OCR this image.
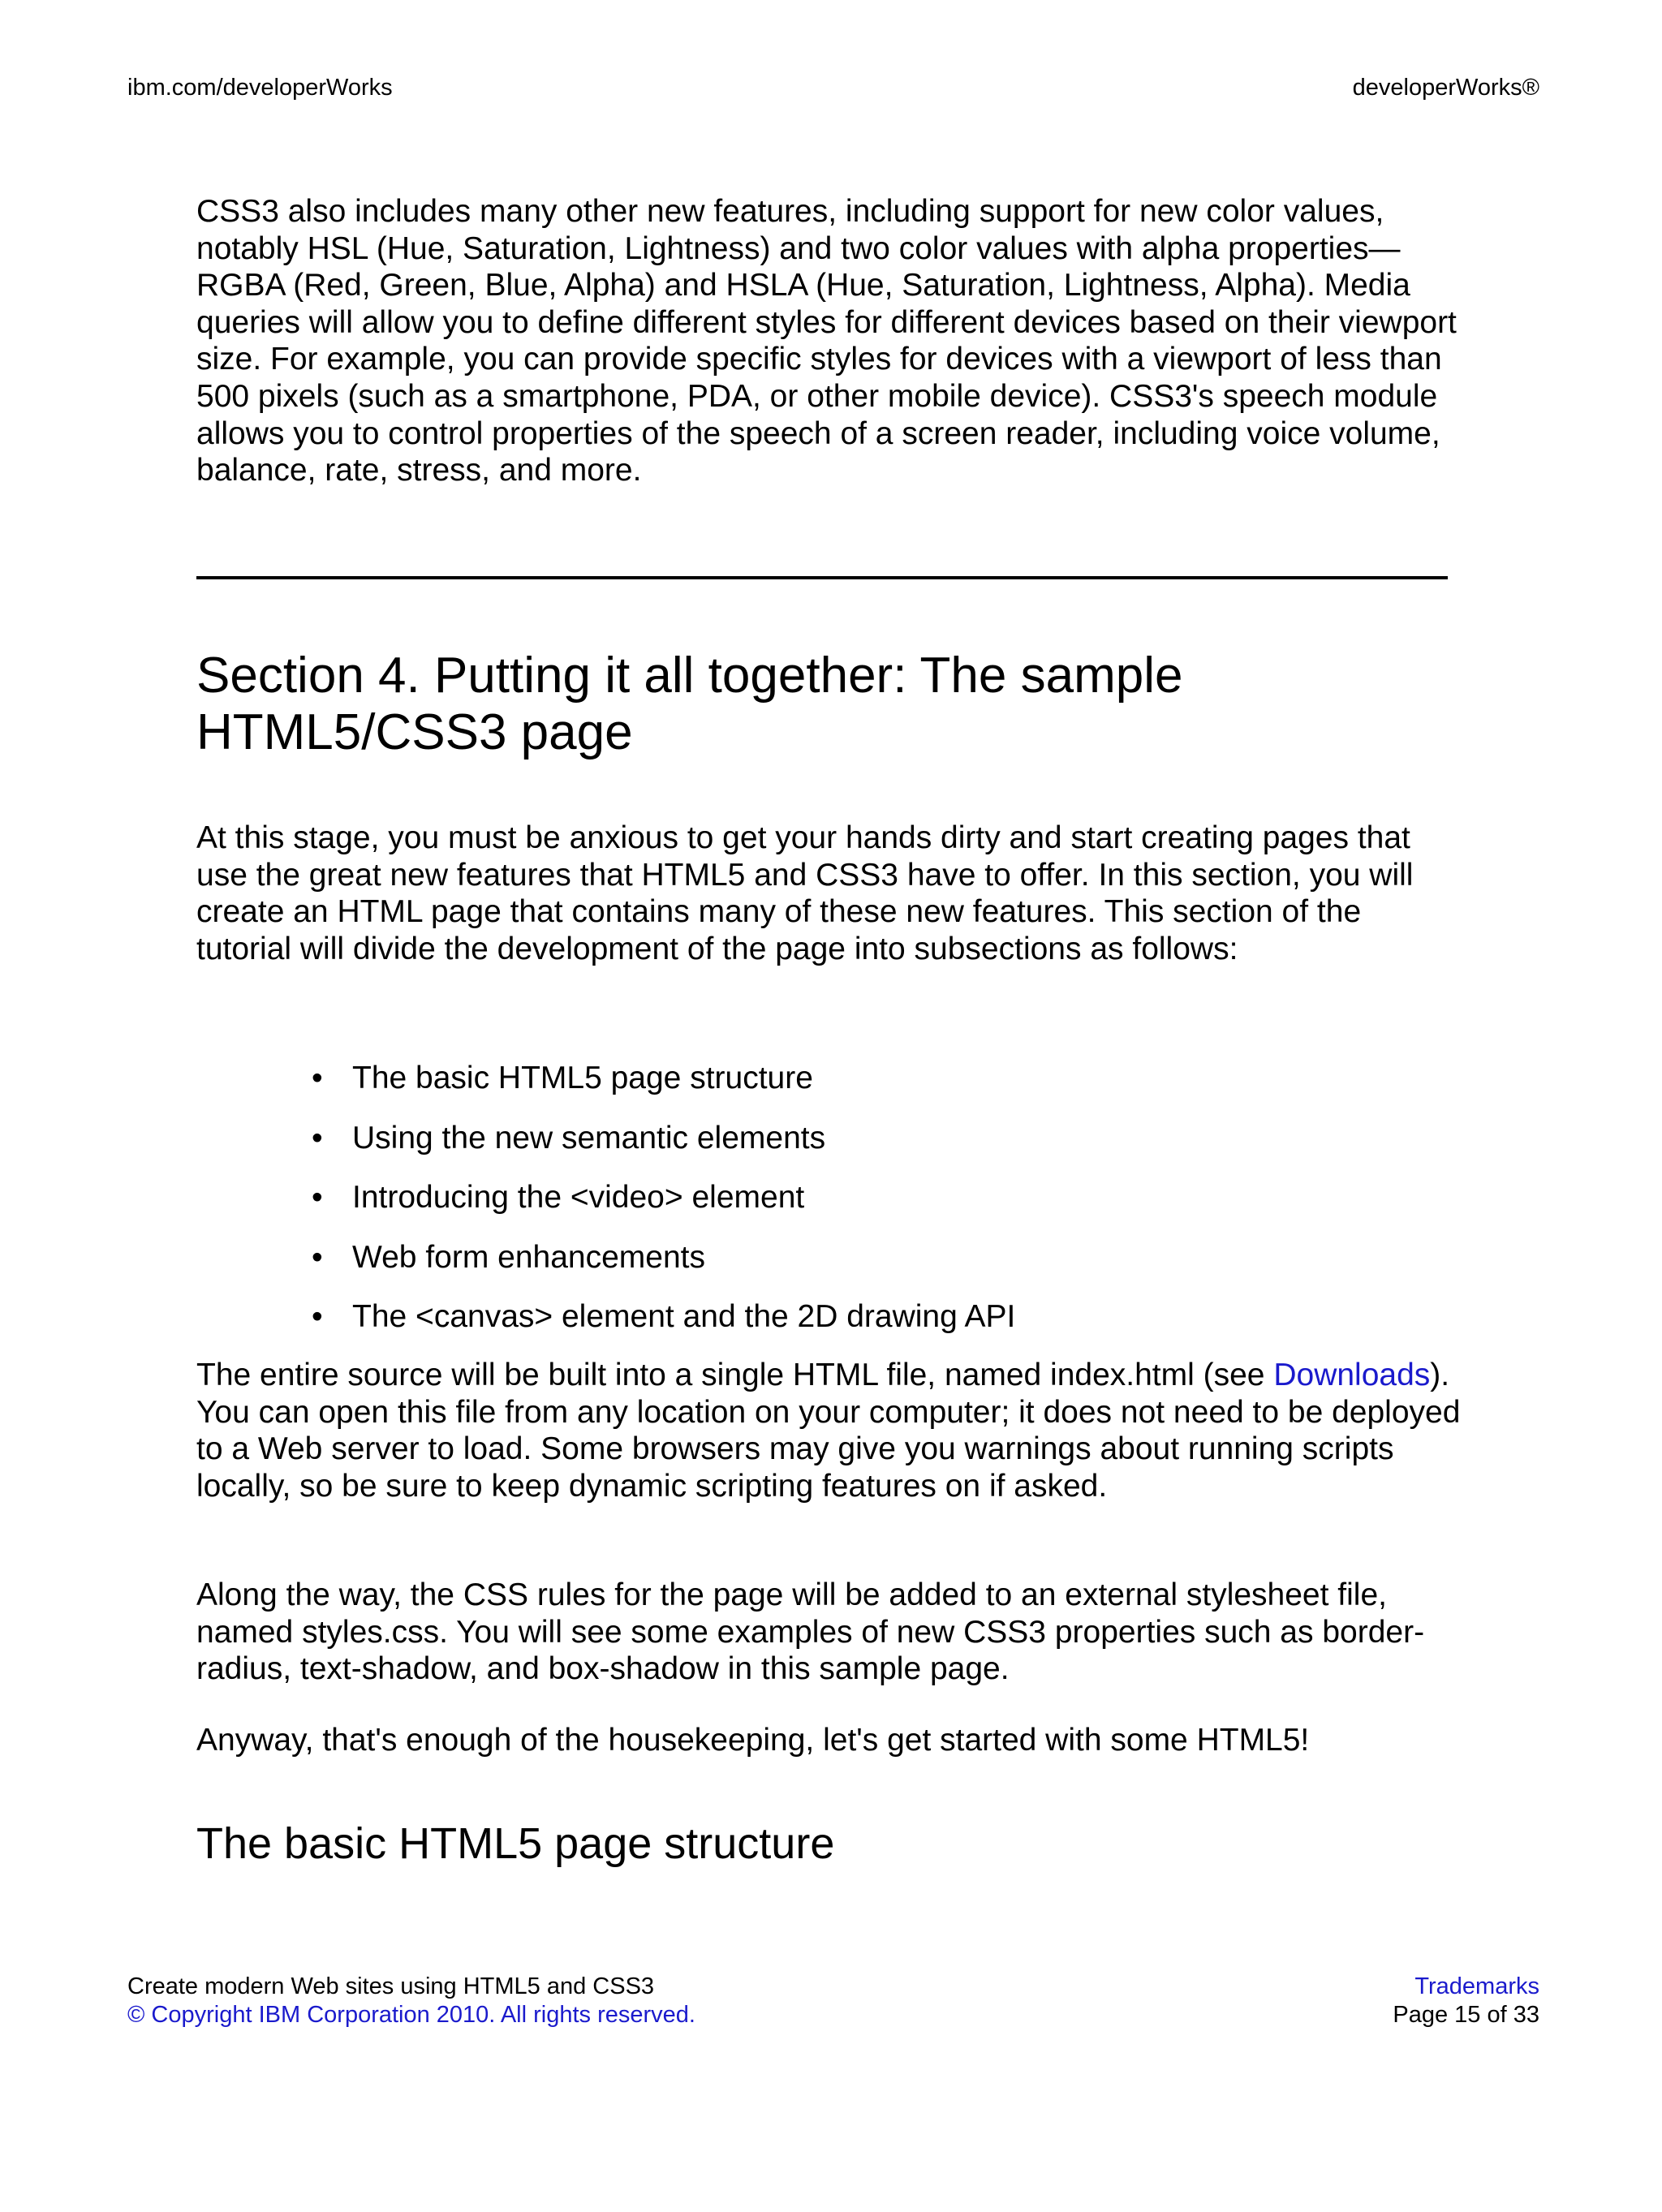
ibm.com/developerWorks	developerWorks®

CSS3 also includes many other new features, including support for new color values, notably HSL (Hue, Saturation, Lightness) and two color values with alpha properties—RGBA (Red, Green, Blue, Alpha) and HSLA (Hue, Saturation, Lightness, Alpha). Media queries will allow you to define different styles for different devices based on their viewport size. For example, you can provide specific styles for devices with a viewport of less than 500 pixels (such as a smartphone, PDA, or other mobile device). CSS3's speech module allows you to control properties of the speech of a screen reader, including voice volume, balance, rate, stress, and more.

Section 4. Putting it all together: The sample HTML5/CSS3 page

At this stage, you must be anxious to get your hands dirty and start creating pages that use the great new features that HTML5 and CSS3 have to offer. In this section, you will create an HTML page that contains many of these new features. This section of the tutorial will divide the development of the page into subsections as follows:

• The basic HTML5 page structure
• Using the new semantic elements
• Introducing the <video> element
• Web form enhancements
• The <canvas> element and the 2D drawing API

The entire source will be built into a single HTML file, named index.html (see Downloads). You can open this file from any location on your computer; it does not need to be deployed to a Web server to load. Some browsers may give you warnings about running scripts locally, so be sure to keep dynamic scripting features on if asked.

Along the way, the CSS rules for the page will be added to an external stylesheet file, named styles.css. You will see some examples of new CSS3 properties such as border-radius, text-shadow, and box-shadow in this sample page.

Anyway, that's enough of the housekeeping, let's get started with some HTML5!

The basic HTML5 page structure
Create modern Web sites using HTML5 and CSS3
© Copyright IBM Corporation 2010. All rights reserved.
Trademarks
Page 15 of 33
